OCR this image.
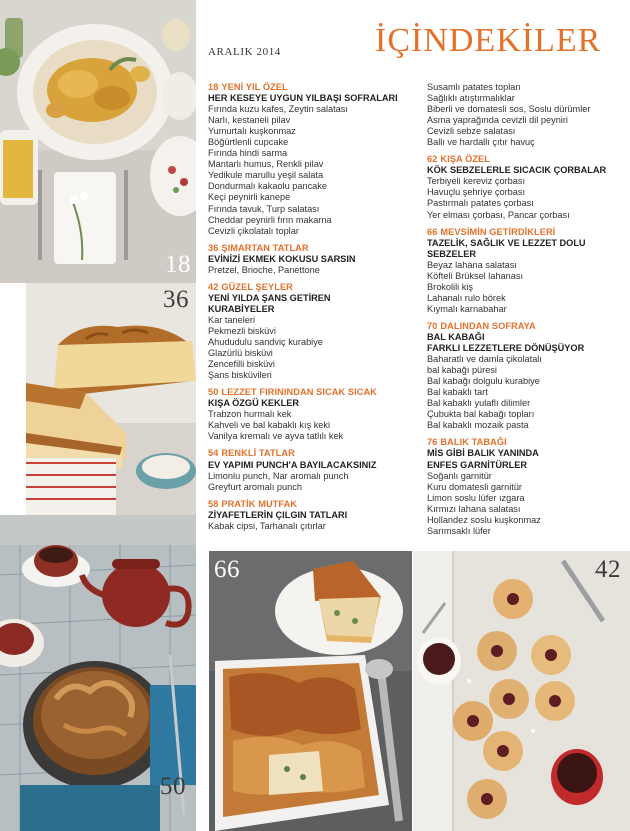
18
36
50
66	42
ARALIK 2014	İÇİNDEKİLER
18 YENİ YIL ÖZEL
HER KESEYE UYGUN YILBAŞI SOFRALARI
Fırında kuzu kafes, Zeytin salatası
Narlı, kestaneli pilav
Yumurtalı kuşkonmaz
Böğürtlenli cupcake
Fırında hindi sarma
Mantarlı humus, Renkli pilav
Yedikule marullu yeşil salata
Dondurmalı kakaolu pancake
Keçi peynirli kanepe
Fırında tavuk, Turp salatası
Cheddar peynirli fırın makarna
Cevizli çikolatalı toplar
36 ŞIMARTAN TATLAR
EVİNİZİ EKMEK KOKUSU SARSIN
Pretzel, Brioche, Panettone
42 GÜZEL ŞEYLER
YENİ YILDA ŞANS GETİREN
KURABİYELER
Kar taneleri
Pekmezli bisküvi
Ahududulu sandviç kurabiye
Glazürlü bisküvi
Zencefilli bisküvi
Şans bisküvileri
50 LEZZET FIRININDAN SICAK SICAK
KIŞA ÖZGÜ KEKLER
Trabzon hurmalı kek
Kahveli ve bal kabaklı kış keki
Vanilya kremalı ve ayva tatlılı kek
54 RENKLİ TATLAR
EV YAPIMI PUNCH'A BAYILACAKSINIZ
Limonlu punch, Nar aromalı punch
Greyfurt aromalı punch
58 PRATİK MUTFAK
ZİYAFETLERİN ÇILGIN TATLARI
Kabak cipsi, Tarhanalı çıtırlar
Susamlı patates topları
Sağlıklı atıştırmalıklar
Biberli ve domatesli sos, Soslu dürümler
Asma yaprağında cevizli dil peyniri
Cevizli sebze salatası
Ballı ve hardallı çıtır havuç
62 KIŞA ÖZEL
KÖK SEBZELERLE SICACIK ÇORBALAR
Terbiyeli kereviz çorbası
Havuçlu şehriye çorbası
Pastırmalı patates çorbası
Yer elması çorbası, Pancar çorbası
66 MEVSİMİN GETİRDİKLERİ
TAZELİK, SAĞLIK VE LEZZET DOLU
SEBZELER
Beyaz lahana salatası
Köfteli Brüksel lahanası
Brokolili kiş
Lahanalı rulo börek
Kıymalı karnabahar
70 DALINDAN SOFRAYA
BAL KABAĞI
FARKLI LEZZETLERE DÖNÜŞÜYOR
Baharatlı ve damla çikolatalı
bal kabağı püresi
Bal kabağı dolgulu kurabiye
Bal kabaklı tart
Bal kabaklı yulaflı dilimler
Çubukta bal kabağı topları
Bal kabaklı mozaik pasta
76 BALIK TABAĞI
MİS GİBİ BALIK YANINDA
ENFES GARNİTÜRLER
Soğanlı garnitür
Kuru domatesli garnitür
Limon soslu lüfer ızgara
Kırmızı lahana salatası
Hollandez soslu kuşkonmaz
Sarımsaklı lüfer
